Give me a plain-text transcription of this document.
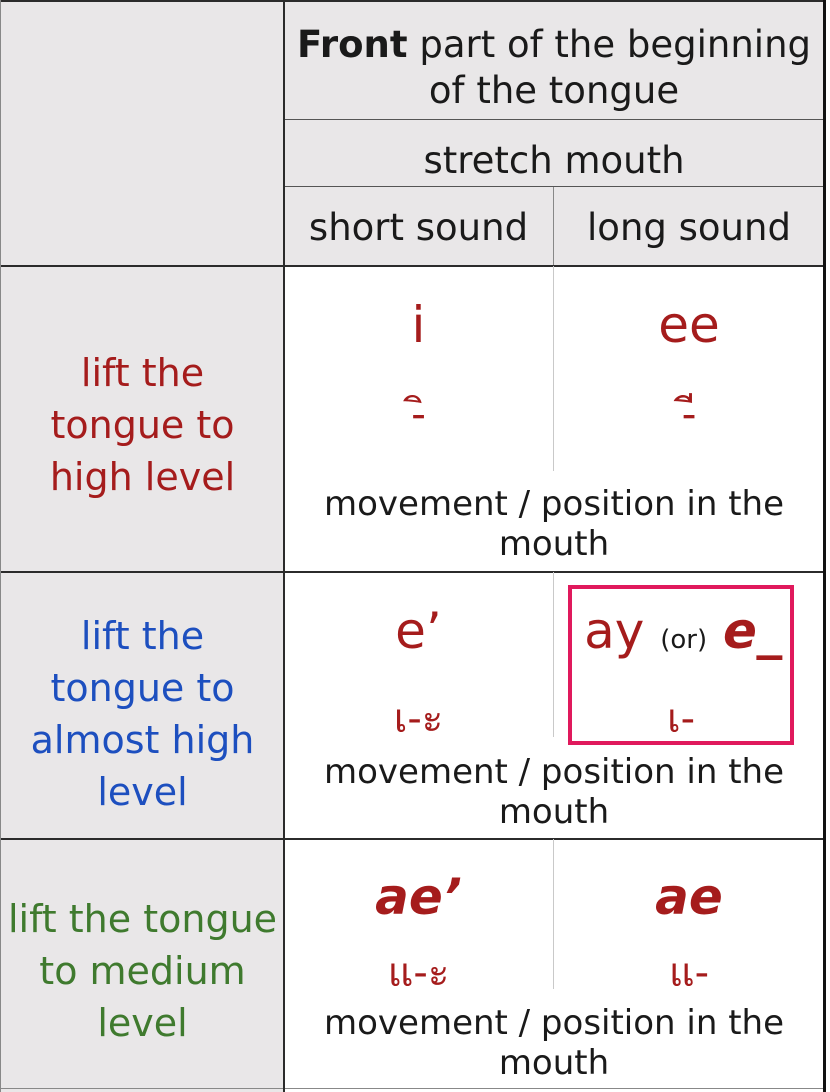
Front part of the beginning of the tongue
stretch mouth
short sound	long sound
lift the tongue to high level
i
-ิ
ee
-ี
movement / position in the mouth
lift the tongue to almost high level
e’
เ-ะ
ay (or) e_
เ-
movement / position in the mouth
lift the tongue to medium level
ae’
แ-ะ
ae
แ-
movement / position in the mouth
